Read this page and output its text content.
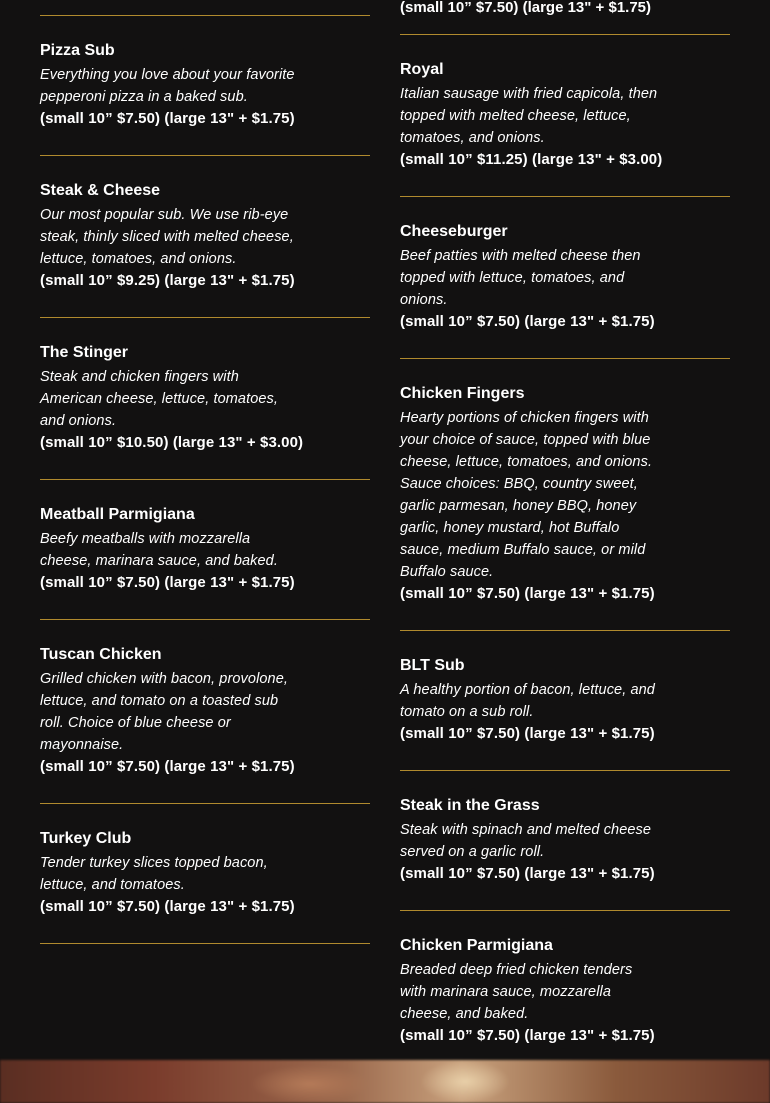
Pizza Sub
Everything you love about your favorite pepperoni pizza in a baked sub.
(small 10” $7.50) (large 13" + $1.75)
Steak & Cheese
Our most popular sub. We use rib-eye steak, thinly sliced with melted cheese, lettuce, tomatoes, and onions.
(small 10” $9.25) (large 13" + $1.75)
The Stinger
Steak and chicken fingers with American cheese, lettuce, tomatoes, and onions.
(small 10” $10.50) (large 13" + $3.00)
Meatball Parmigiana
Beefy meatballs with mozzarella cheese, marinara sauce, and baked.
(small 10” $7.50) (large 13" + $1.75)
Tuscan Chicken
Grilled chicken with bacon, provolone, lettuce, and tomato on a toasted sub roll. Choice of blue cheese or mayonnaise.
(small 10” $7.50) (large 13" + $1.75)
Turkey Club
Tender turkey slices topped bacon, lettuce, and tomatoes.
(small 10” $7.50) (large 13" + $1.75)
(small 10” $7.50) (large 13" + $1.75)
Royal
Italian sausage with fried capicola, then topped with melted cheese, lettuce, tomatoes, and onions.
(small 10” $11.25) (large 13" + $3.00)
Cheeseburger
Beef patties with melted cheese then topped with lettuce, tomatoes, and onions.
(small 10” $7.50) (large 13" + $1.75)
Chicken Fingers
Hearty portions of chicken fingers with your choice of sauce, topped with blue cheese, lettuce, tomatoes, and onions. Sauce choices: BBQ, country sweet, garlic parmesan, honey BBQ, honey garlic, honey mustard, hot Buffalo sauce, medium Buffalo sauce, or mild Buffalo sauce.
(small 10” $7.50) (large 13" + $1.75)
BLT Sub
A healthy portion of bacon, lettuce, and tomato on a sub roll.
(small 10” $7.50) (large 13" + $1.75)
Steak in the Grass
Steak with spinach and melted cheese served on a garlic roll.
(small 10” $7.50) (large 13" + $1.75)
Chicken Parmigiana
Breaded deep fried chicken tenders with marinara sauce, mozzarella cheese, and baked.
(small 10” $7.50) (large 13" + $1.75)
